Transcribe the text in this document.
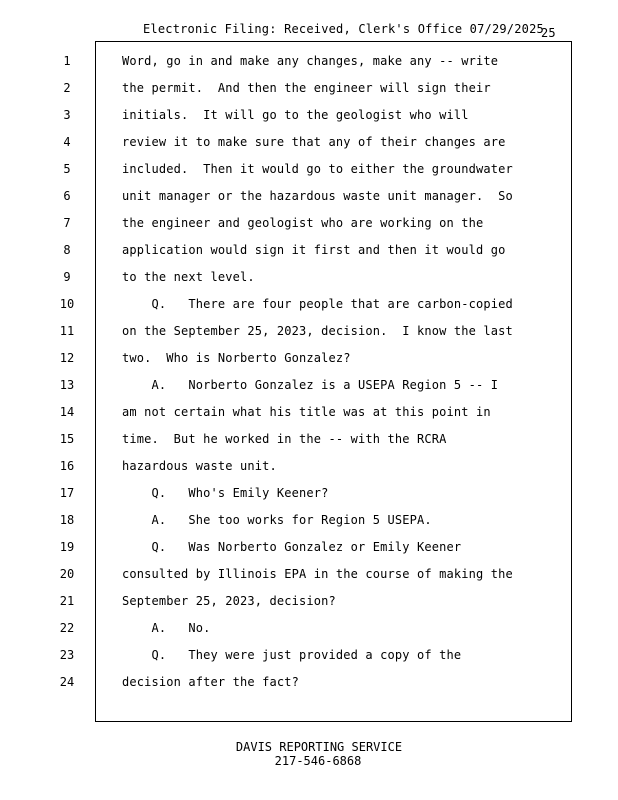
Electronic Filing: Received, Clerk's Office 07/29/2025
25
1	Word, go in and make any changes, make any -- write
2	the permit.  And then the engineer will sign their
3	initials.  It will go to the geologist who will
4	review it to make sure that any of their changes are
5	included.  Then it would go to either the groundwater
6	unit manager or the hazardous waste unit manager.  So
7	the engineer and geologist who are working on the
8	application would sign it first and then it would go
9	to the next level.
10	Q.   There are four people that are carbon-copied
11	on the September 25, 2023, decision.  I know the last
12	two.  Who is Norberto Gonzalez?
13	A.   Norberto Gonzalez is a USEPA Region 5 -- I
14	am not certain what his title was at this point in
15	time.  But he worked in the -- with the RCRA
16	hazardous waste unit.
17	Q.   Who's Emily Keener?
18	A.   She too works for Region 5 USEPA.
19	Q.   Was Norberto Gonzalez or Emily Keener
20	consulted by Illinois EPA in the course of making the
21	September 25, 2023, decision?
22	A.   No.
23	Q.   They were just provided a copy of the
24	decision after the fact?
DAVIS REPORTING SERVICE
217-546-6868
